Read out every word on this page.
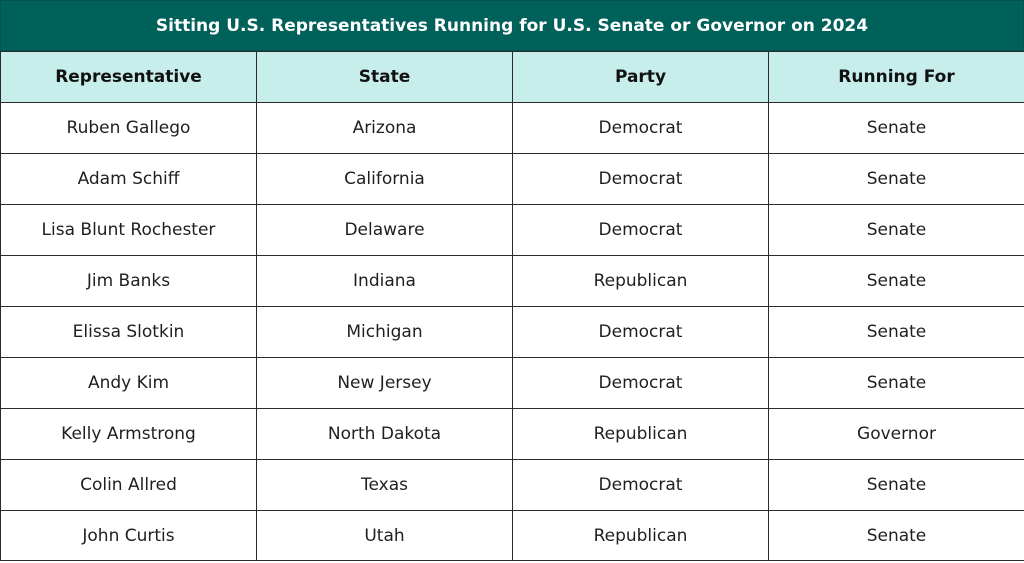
Sitting U.S. Representatives Running for U.S. Senate or Governor on 2024
Representative	State	Party	Running For
Ruben Gallego	Arizona	Democrat	Senate
Adam Schiff	California	Democrat	Senate
Lisa Blunt Rochester	Delaware	Democrat	Senate
Jim Banks	Indiana	Republican	Senate
Elissa Slotkin	Michigan	Democrat	Senate
Andy Kim	New Jersey	Democrat	Senate
Kelly Armstrong	North Dakota	Republican	Governor
Colin Allred	Texas	Democrat	Senate
John Curtis	Utah	Republican	Senate
